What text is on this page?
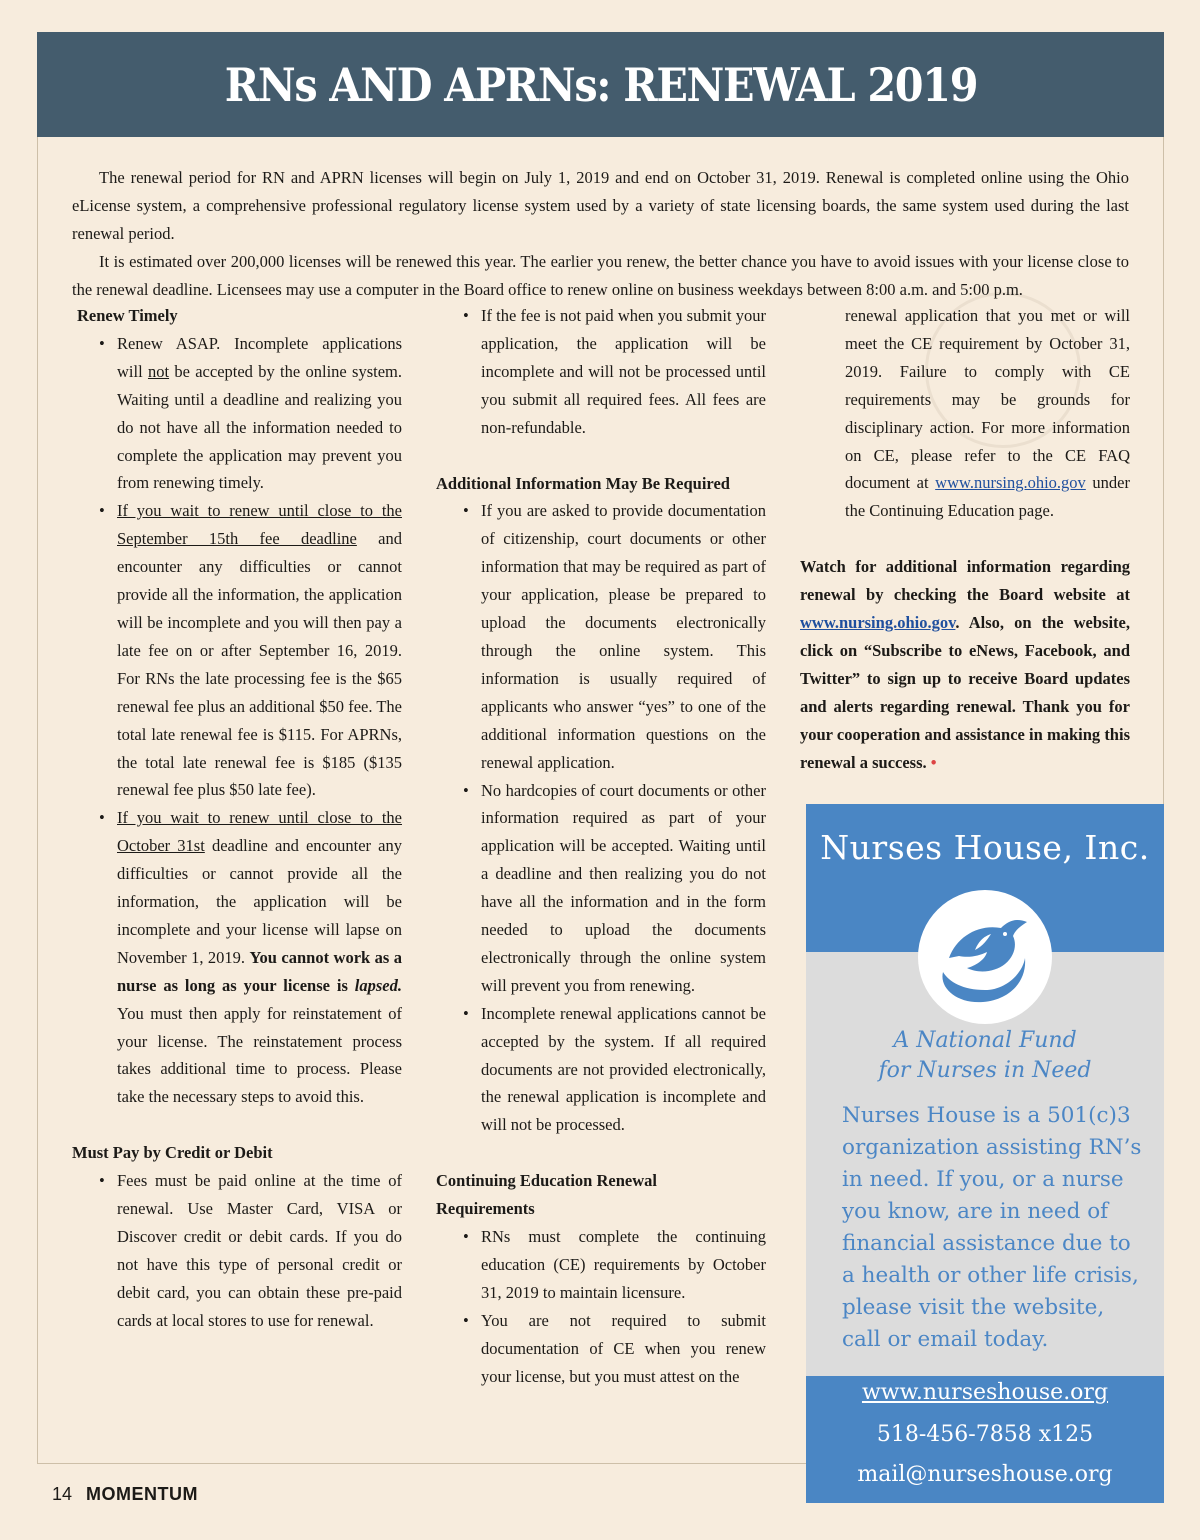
RNs AND APRNs: RENEWAL 2019

The renewal period for RN and APRN licenses will begin on July 1, 2019 and end on October 31, 2019. Renewal is completed online using the Ohio eLicense system, a comprehensive professional regulatory license system used by a variety of state licensing boards, the same system used during the last renewal period.

It is estimated over 200,000 licenses will be renewed this year. The earlier you renew, the better chance you have to avoid issues with your license close to the renewal deadline. Licensees may use a computer in the Board office to renew online on business weekdays between 8:00 a.m. and 5:00 p.m.

Renew Timely
• Renew ASAP. Incomplete applications will not be accepted by the online system. Waiting until a deadline and realizing you do not have all the information needed to complete the application may prevent you from renewing timely.
• If you wait to renew until close to the September 15th fee deadline and encounter any difficulties or cannot provide all the information, the application will be incomplete and you will then pay a late fee on or after September 16, 2019. For RNs the late processing fee is the $65 renewal fee plus an additional $50 fee. The total late renewal fee is $115. For APRNs, the total late renewal fee is $185 ($135 renewal fee plus $50 late fee).
• If you wait to renew until close to the October 31st deadline and encounter any difficulties or cannot provide all the information, the application will be incomplete and your license will lapse on November 1, 2019. You cannot work as a nurse as long as your license is lapsed. You must then apply for reinstatement of your license. The reinstatement process takes additional time to process. Please take the necessary steps to avoid this.
Must Pay by Credit or Debit
• Fees must be paid online at the time of renewal. Use Master Card, VISA or Discover credit or debit cards. If you do not have this type of personal credit or debit card, you can obtain these pre-paid cards at local stores to use for renewal.
• If the fee is not paid when you submit your application, the application will be incomplete and will not be processed until you submit all required fees. All fees are non-refundable.
Additional Information May Be Required
• If you are asked to provide documentation of citizenship, court documents or other information that may be required as part of your application, please be prepared to upload the documents electronically through the online system. This information is usually required of applicants who answer “yes” to one of the additional information questions on the renewal application.
• No hardcopies of court documents or other information required as part of your application will be accepted. Waiting until a deadline and then realizing you do not have all the information and in the form needed to upload the documents electronically through the online system will prevent you from renewing.
• Incomplete renewal applications cannot be accepted by the system. If all required documents are not provided electronically, the renewal application is incomplete and will not be processed.
Continuing Education Renewal
Requirements
• RNs must complete the continuing education (CE) requirements by October 31, 2019 to maintain licensure.
• You are not required to submit documentation of CE when you renew your license, but you must attest on the
renewal application that you met or will meet the CE requirement by October 31, 2019. Failure to comply with CE requirements may be grounds for disciplinary action. For more information on CE, please refer to the CE FAQ document at www.nursing.ohio.gov under the Continuing Education page.
Watch for additional information regarding renewal by checking the Board website at www.nursing.ohio.gov. Also, on the website, click on “Subscribe to eNews, Facebook, and Twitter” to sign up to receive Board updates and alerts regarding renewal. Thank you for your cooperation and assistance in making this renewal a success. •
Nurses House, Inc.
A National Fund
for Nurses in Need
Nurses House is a 501(c)3 organization assisting RN’s in need. If you, or a nurse you know, are in need of financial assistance due to a health or other life crisis, please visit the website, call or email today.
www.nurseshouse.org
518-456-7858 x125
mail@nurseshouse.org
14 MOMENTUM
